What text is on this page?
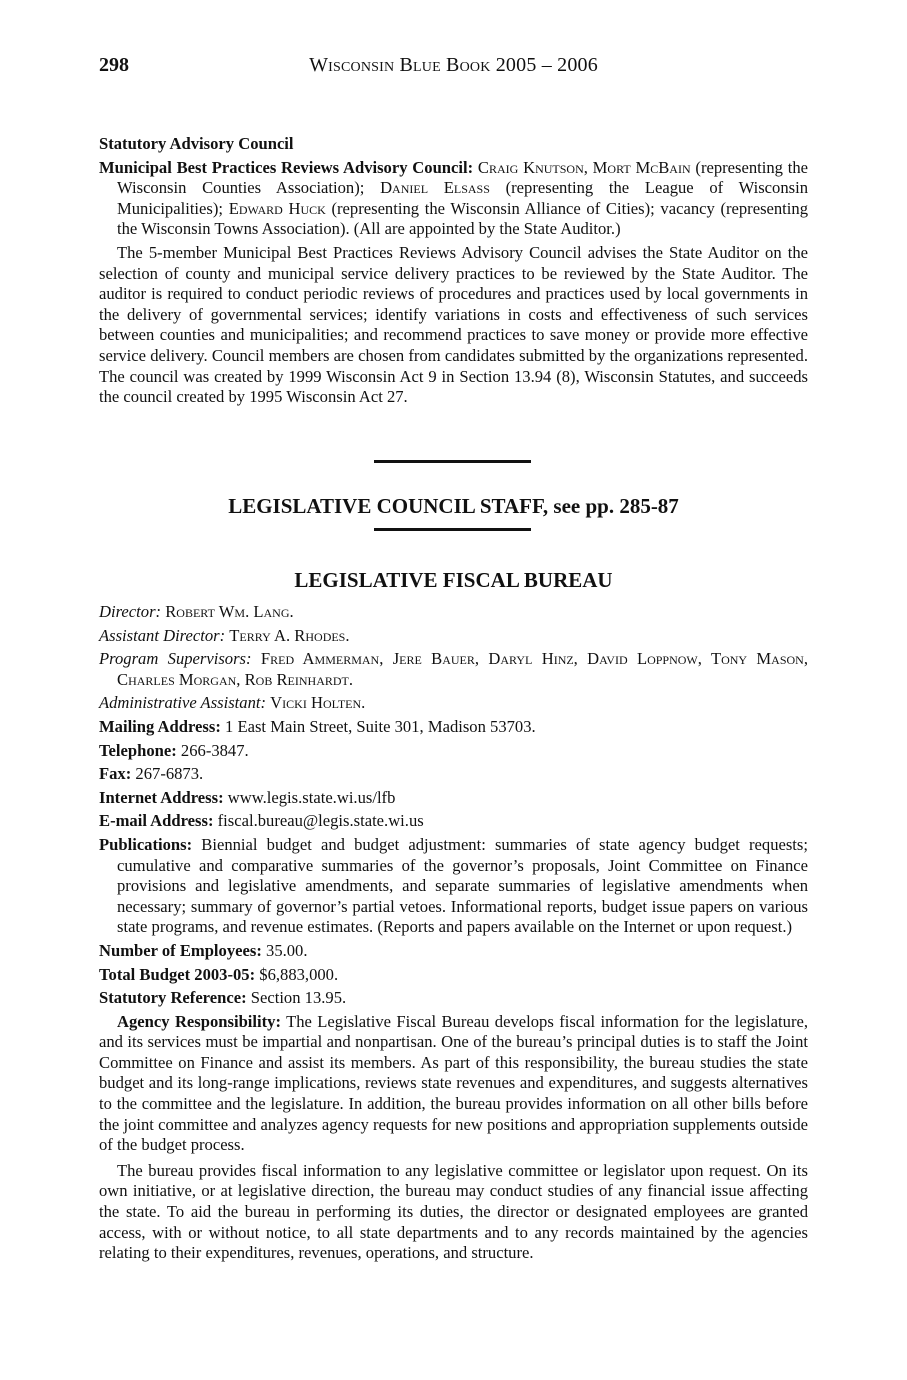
298	Wisconsin Blue Book 2005 – 2006

Statutory Advisory Council

Municipal Best Practices Reviews Advisory Council: Craig Knutson, Mort McBain (representing the Wisconsin Counties Association); Daniel Elsass (representing the League of Wisconsin Municipalities); Edward Huck (representing the Wisconsin Alliance of Cities); vacancy (representing the Wisconsin Towns Association). (All are appointed by the State Auditor.)

The 5-member Municipal Best Practices Reviews Advisory Council advises the State Auditor on the selection of county and municipal service delivery practices to be reviewed by the State Auditor. The auditor is required to conduct periodic reviews of procedures and practices used by local governments in the delivery of governmental services; identify variations in costs and effectiveness of such services between counties and municipalities; and recommend practices to save money or provide more effective service delivery. Council members are chosen from candidates submitted by the organizations represented. The council was created by 1999 Wisconsin Act 9 in Section 13.94 (8), Wisconsin Statutes, and succeeds the council created by 1995 Wisconsin Act 27.

LEGISLATIVE COUNCIL STAFF, see pp. 285-87
LEGISLATIVE FISCAL BUREAU

Director: Robert Wm. Lang.

Assistant Director: Terry A. Rhodes.

Program Supervisors: Fred Ammerman, Jere Bauer, Daryl Hinz, David Loppnow, Tony Mason, Charles Morgan, Rob Reinhardt.

Administrative Assistant: Vicki Holten.

Mailing Address: 1 East Main Street, Suite 301, Madison 53703.

Telephone: 266-3847.

Fax: 267-6873.

Internet Address: www.legis.state.wi.us/lfb

E-mail Address: fiscal.bureau@legis.state.wi.us

Publications: Biennial budget and budget adjustment: summaries of state agency budget requests; cumulative and comparative summaries of the governor’s proposals, Joint Committee on Finance provisions and legislative amendments, and separate summaries of legislative amendments when necessary; summary of governor’s partial vetoes. Informational reports, budget issue papers on various state programs, and revenue estimates. (Reports and papers available on the Internet or upon request.)

Number of Employees: 35.00.

Total Budget 2003-05: $6,883,000.

Statutory Reference: Section 13.95.

Agency Responsibility: The Legislative Fiscal Bureau develops fiscal information for the legislature, and its services must be impartial and nonpartisan. One of the bureau’s principal duties is to staff the Joint Committee on Finance and assist its members. As part of this responsibility, the bureau studies the state budget and its long-range implications, reviews state revenues and expenditures, and suggests alternatives to the committee and the legislature. In addition, the bureau provides information on all other bills before the joint committee and analyzes agency requests for new positions and appropriation supplements outside of the budget process.

The bureau provides fiscal information to any legislative committee or legislator upon request. On its own initiative, or at legislative direction, the bureau may conduct studies of any financial issue affecting the state. To aid the bureau in performing its duties, the director or designated employees are granted access, with or without notice, to all state departments and to any records maintained by the agencies relating to their expenditures, revenues, operations, and structure.
